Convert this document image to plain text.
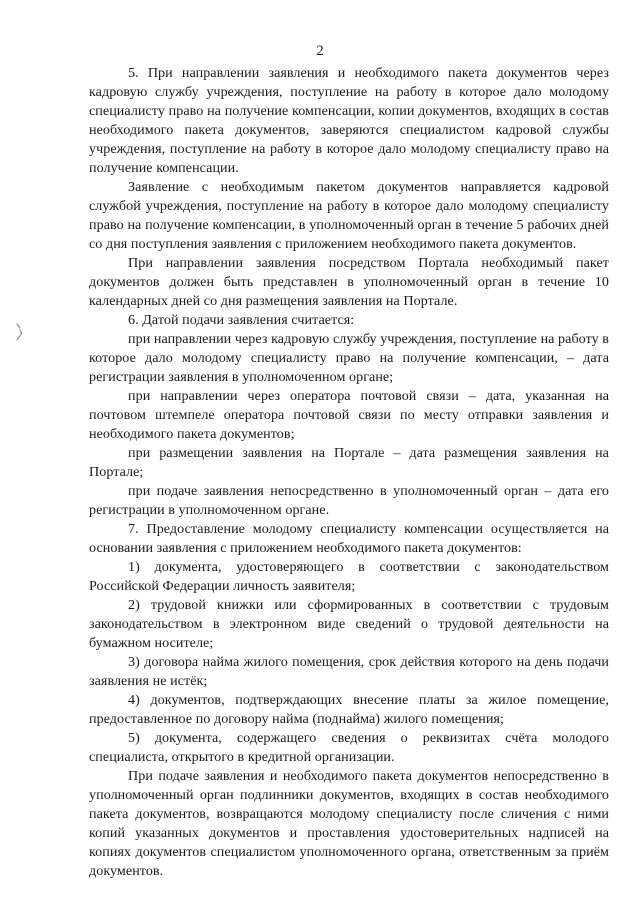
2

5. При направлении заявления и необходимого пакета документов через кадровую службу учреждения, поступление на работу в которое дало молодому специалисту право на получение компенсации, копии документов, входящих в состав необходимого пакета документов, заверяются специалистом кадровой службы учреждения, поступление на работу в которое дало молодому специалисту право на получение компенсации.

Заявление с необходимым пакетом документов направляется кадровой службой учреждения, поступление на работу в которое дало молодому специалисту право на получение компенсации, в уполномоченный орган в течение 5 рабочих дней со дня поступления заявления с приложением необходимого пакета документов.

При направлении заявления посредством Портала необходимый пакет документов должен быть представлен в уполномоченный орган в течение 10 календарных дней со дня размещения заявления на Портале.

6. Датой подачи заявления считается:

при направлении через кадровую службу учреждения, поступление на работу в которое дало молодому специалисту право на получение компенсации, – дата регистрации заявления в уполномоченном органе;

при направлении через оператора почтовой связи – дата, указанная на почтовом штемпеле оператора почтовой связи по месту отправки заявления и необходимого пакета документов;

при размещении заявления на Портале – дата размещения заявления на Портале;

при подаче заявления непосредственно в уполномоченный орган – дата его регистрации в уполномоченном органе.

7. Предоставление молодому специалисту компенсации осуществляется на основании заявления с приложением необходимого пакета документов:

1) документа, удостоверяющего в соответствии с законодательством Российской Федерации личность заявителя;

2) трудовой книжки или сформированных в соответствии с трудовым законодательством в электронном виде сведений о трудовой деятельности на бумажном носителе;

3) договора найма жилого помещения, срок действия которого на день подачи заявления не истёк;

4) документов, подтверждающих внесение платы за жилое помещение, предоставленное по договору найма (поднайма) жилого помещения;

5) документа, содержащего сведения о реквизитах счёта молодого специалиста, открытого в кредитной организации.

При подаче заявления и необходимого пакета документов непосредственно в уполномоченный орган подлинники документов, входящих в состав необходимого пакета документов, возвращаются молодому специалисту после сличения с ними копий указанных документов и проставления удостоверительных надписей на копиях документов специалистом уполномоченного органа, ответственным за приём документов.
